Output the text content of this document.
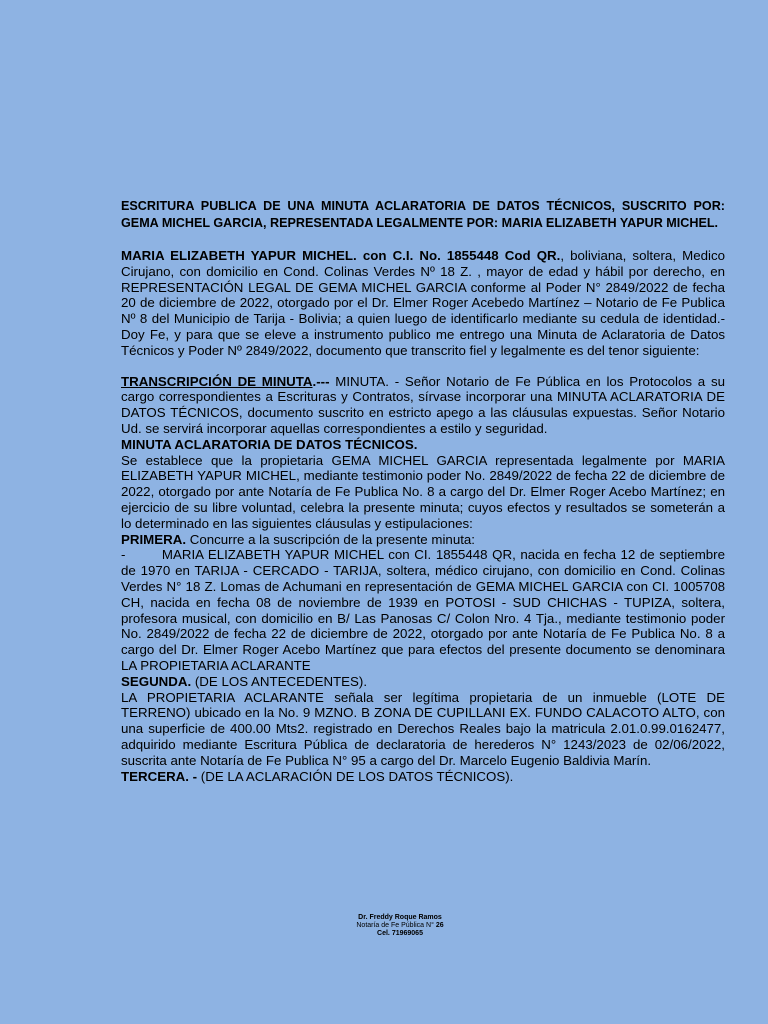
ESCRITURA PUBLICA DE UNA MINUTA ACLARATORIA DE DATOS TÉCNICOS, SUSCRITO POR: GEMA MICHEL GARCIA, REPRESENTADA LEGALMENTE POR: MARIA ELIZABETH YAPUR MICHEL.

MARIA ELIZABETH YAPUR MICHEL. con C.I. No. 1855448 Cod QR., boliviana, soltera, Medico Cirujano, con domicilio en Cond. Colinas Verdes Nº 18 Z. , mayor de edad y hábil por derecho, en REPRESENTACIÓN LEGAL DE GEMA MICHEL GARCIA conforme al Poder N° 2849/2022 de fecha 20 de diciembre de 2022, otorgado por el Dr. Elmer Roger Acebedo Martínez – Notario de Fe Publica Nº 8 del Municipio de Tarija - Bolivia; a quien luego de identificarlo mediante su cedula de identidad.- Doy Fe, y para que se eleve a instrumento publico me entrego una Minuta de Aclaratoria de Datos Técnicos y Poder Nº 2849/2022, documento que transcrito fiel y legalmente es del tenor siguiente:

TRANSCRIPCIÓN DE MINUTA.--- MINUTA. - Señor Notario de Fe Pública en los Protocolos a su cargo correspondientes a Escrituras y Contratos, sírvase incorporar una MINUTA ACLARATORIA DE DATOS TÉCNICOS, documento suscrito en estricto apego a las cláusulas expuestas. Señor Notario Ud. se servirá incorporar aquellas correspondientes a estilo y seguridad.

MINUTA ACLARATORIA DE DATOS TÉCNICOS.

Se establece que la propietaria GEMA MICHEL GARCIA representada legalmente por MARIA ELIZABETH YAPUR MICHEL, mediante testimonio poder No. 2849/2022 de fecha 22 de diciembre de 2022, otorgado por ante Notaría de Fe Publica No. 8 a cargo del Dr. Elmer Roger Acebo Martínez; en ejercicio de su libre voluntad, celebra la presente minuta; cuyos efectos y resultados se someterán a lo determinado en las siguientes cláusulas y estipulaciones:

PRIMERA. Concurre a la suscripción de la presente minuta:

-        MARIA ELIZABETH YAPUR MICHEL con CI. 1855448 QR, nacida en fecha 12 de septiembre de 1970 en TARIJA - CERCADO - TARIJA, soltera, médico cirujano, con domicilio en Cond. Colinas Verdes N° 18 Z. Lomas de Achumani en representación de GEMA MICHEL GARCIA con CI. 1005708 CH, nacida en fecha 08 de noviembre de 1939 en POTOSI - SUD CHICHAS - TUPIZA, soltera, profesora musical, con domicilio en B/ Las Panosas C/ Colon Nro. 4 Tja., mediante testimonio poder No. 2849/2022 de fecha 22 de diciembre de 2022, otorgado por ante Notaría de Fe Publica No. 8 a cargo del Dr. Elmer Roger Acebo Martínez que para efectos del presente documento se denominara LA PROPIETARIA ACLARANTE

SEGUNDA. (DE LOS ANTECEDENTES).

LA PROPIETARIA ACLARANTE señala ser legítima propietaria de un inmueble (LOTE DE TERRENO) ubicado en la No. 9 MZNO. B ZONA DE CUPILLANI EX. FUNDO CALACOTO ALTO, con una superficie de 400.00 Mts2. registrado en Derechos Reales bajo la matricula 2.01.0.99.0162477, adquirido mediante Escritura Pública de declaratoria de herederos N° 1243/2023 de 02/06/2022, suscrita ante Notaría de Fe Publica N° 95 a cargo del Dr. Marcelo Eugenio Baldivia Marín.

TERCERA. - (DE LA ACLARACIÓN DE LOS DATOS TÉCNICOS).

Dr. Freddy Roque Ramos
Notaría de Fe Pública N° 26
Cel. 71969065
